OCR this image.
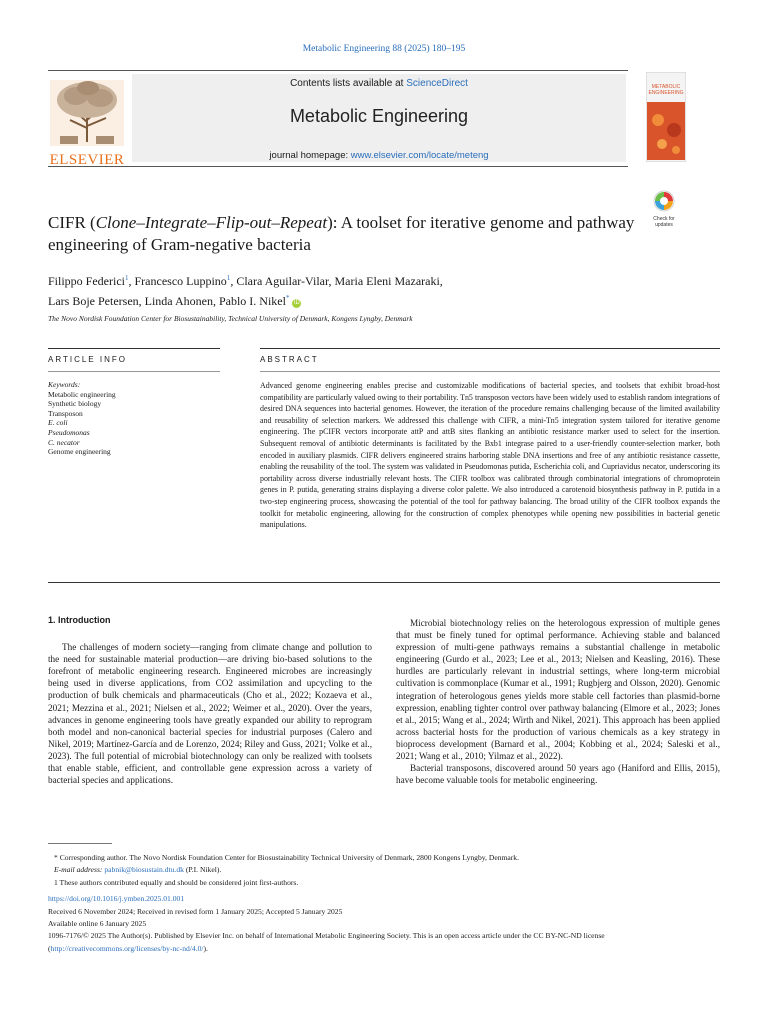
Metabolic Engineering 88 (2025) 180–195
ELSEVIER
Contents lists available at ScienceDirect
Metabolic Engineering
journal homepage: www.elsevier.com/locate/meteng
METABOLIC
ENGINEERING
CIFR (Clone–Integrate–Flip-out–Repeat): A toolset for iterative genome and pathway engineering of Gram-negative bacteria
Check for
updates
Filippo Federici$^1$, Francesco Luppino$^1$, Clara Aguilar-Vilar, Maria Eleni Mazaraki,
Lars Boje Petersen, Linda Ahonen, Pablo I. Nikel* iD
The Novo Nordisk Foundation Center for Biosustainability, Technical University of Denmark, Kongens Lyngby, Denmark
ARTICLE INFO	ABSTRACT
Keywords:
Metabolic engineering
Synthetic biology
Transposon
E. coli
Pseudomonas
C. necator
Genome engineering
Advanced genome engineering enables precise and customizable modifications of bacterial species, and toolsets that exhibit broad-host compatibility are particularly valued owing to their portability. Tn5 transposon vectors have been widely used to establish random integrations of desired DNA sequences into bacterial genomes. However, the iteration of the procedure remains challenging because of the limited availability and reusability of selection markers. We addressed this challenge with CIFR, a mini-Tn5 integration system tailored for iterative genome engineering. The pCIFR vectors incorporate attP and attB sites flanking an antibiotic resistance marker used to select for the insertion. Subsequent removal of antibiotic determinants is facilitated by the Bxb1 integrase paired to a user-friendly counter-selection marker, both encoded in auxiliary plasmids. CIFR delivers engineered strains harboring stable DNA insertions and free of any antibiotic resistance cassette, enabling the reusability of the tool. The system was validated in Pseudomonas putida, Escherichia coli, and Cupriavidus necator, underscoring its portability across diverse industrially relevant hosts. The CIFR toolbox was calibrated through combinatorial integrations of chromoprotein genes in P. putida, generating strains displaying a diverse color palette. We also introduced a carotenoid biosynthesis pathway in P. putida in a two-step engineering process, showcasing the potential of the tool for pathway balancing. The broad utility of the CIFR toolbox expands the toolkit for metabolic engineering, allowing for the construction of complex phenotypes while opening new possibilities in bacterial genetic manipulations.
1. Introduction

The challenges of modern society—ranging from climate change and pollution to the need for sustainable material production—are driving bio-based solutions to the forefront of metabolic engineering research. Engineered microbes are increasingly being used in diverse applications, from CO2 assimilation and upcycling to the production of bulk chemicals and pharmaceuticals (Cho et al., 2022; Kozaeva et al., 2021; Mezzina et al., 2021; Nielsen et al., 2022; Weimer et al., 2020). Over the years, advances in genome engineering tools have greatly expanded our ability to reprogram both model and non-canonical bacterial species for industrial purposes (Calero and Nikel, 2019; Martínez-García and de Lorenzo, 2024; Riley and Guss, 2021; Volke et al., 2023). The full potential of microbial biotechnology can only be realized with toolsets that enable stable, efficient, and controllable gene expression across a variety of bacterial species and applications.

Microbial biotechnology relies on the heterologous expression of multiple genes that must be finely tuned for optimal performance. Achieving stable and balanced expression of multi-gene pathways remains a substantial challenge in metabolic engineering (Gurdo et al., 2023; Lee et al., 2013; Nielsen and Keasling, 2016). These hurdles are particularly relevant in industrial settings, where long-term microbial cultivation is commonplace (Kumar et al., 1991; Rugbjerg and Olsson, 2020). Genomic integration of heterologous genes yields more stable cell factories than plasmid-borne expression, enabling tighter control over pathway balancing (Elmore et al., 2023; Jones et al., 2015; Wang et al., 2024; Wirth and Nikel, 2021). This approach has been applied across bacterial hosts for the production of various chemicals as a key strategy in bioprocess development (Barnard et al., 2004; Kobbing et al., 2024; Saleski et al., 2021; Wang et al., 2010; Yilmaz et al., 2022).

Bacterial transposons, discovered around 50 years ago (Haniford and Ellis, 2015), have become valuable tools for metabolic engineering.

* Corresponding author. The Novo Nordisk Foundation Center for Biosustainability Technical University of Denmark, 2800 Kongens Lyngby, Denmark.
E-mail address: pabnik@biosustain.dtu.dk (P.I. Nikel).
1 These authors contributed equally and should be considered joint first-authors.
https://doi.org/10.1016/j.ymben.2025.01.001
Received 6 November 2024; Received in revised form 1 January 2025; Accepted 5 January 2025
Available online 6 January 2025
1096-7176/© 2025 The Author(s). Published by Elsevier Inc. on behalf of International Metabolic Engineering Society. This is an open access article under the CC BY-NC-ND license (http://creativecommons.org/licenses/by-nc-nd/4.0/).
